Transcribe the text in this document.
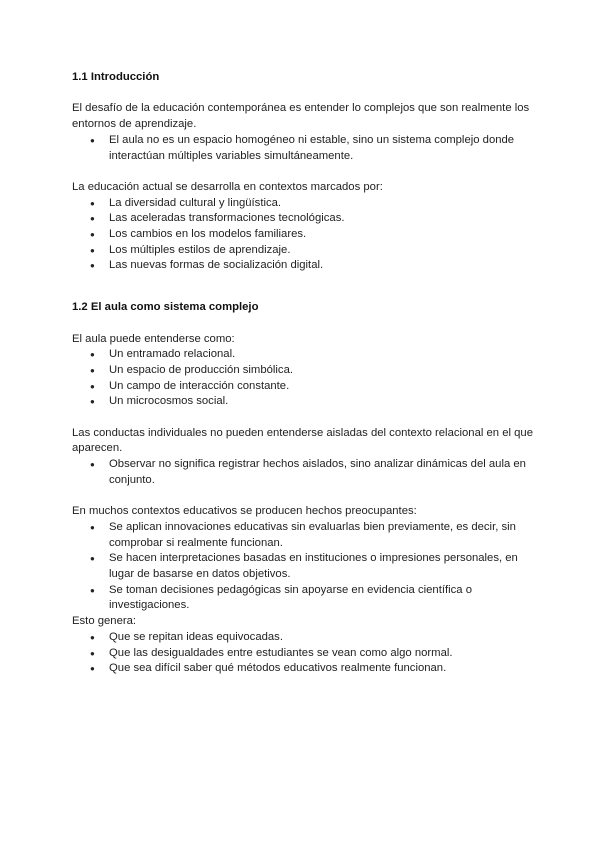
1.1 Introducción

El desafío de la educación contemporánea es entender lo complejos que son realmente los entornos de aprendizaje.

● El aula no es un espacio homogéneo ni estable, sino un sistema complejo donde interactúan múltiples variables simultáneamente.

La educación actual se desarrolla en contextos marcados por:

● La diversidad cultural y lingüística.
● Las aceleradas transformaciones tecnológicas.
● Los cambios en los modelos familiares.
● Los múltiples estilos de aprendizaje.
● Las nuevas formas de socialización digital.
1.2 El aula como sistema complejo

El aula puede entenderse como:

● Un entramado relacional.
● Un espacio de producción simbólica.
● Un campo de interacción constante.
● Un microcosmos social.

Las conductas individuales no pueden entenderse aisladas del contexto relacional en el que aparecen.

● Observar no significa registrar hechos aislados, sino analizar dinámicas del aula en conjunto.

En muchos contextos educativos se producen hechos preocupantes:

● Se aplican innovaciones educativas sin evaluarlas bien previamente, es decir, sin comprobar si realmente funcionan.
● Se hacen interpretaciones basadas en instituciones o impresiones personales, en lugar de basarse en datos objetivos.
● Se toman decisiones pedagógicas sin apoyarse en evidencia científica o investigaciones.

Esto genera:

● Que se repitan ideas equivocadas.
● Que las desigualdades entre estudiantes se vean como algo normal.
● Que sea difícil saber qué métodos educativos realmente funcionan.
